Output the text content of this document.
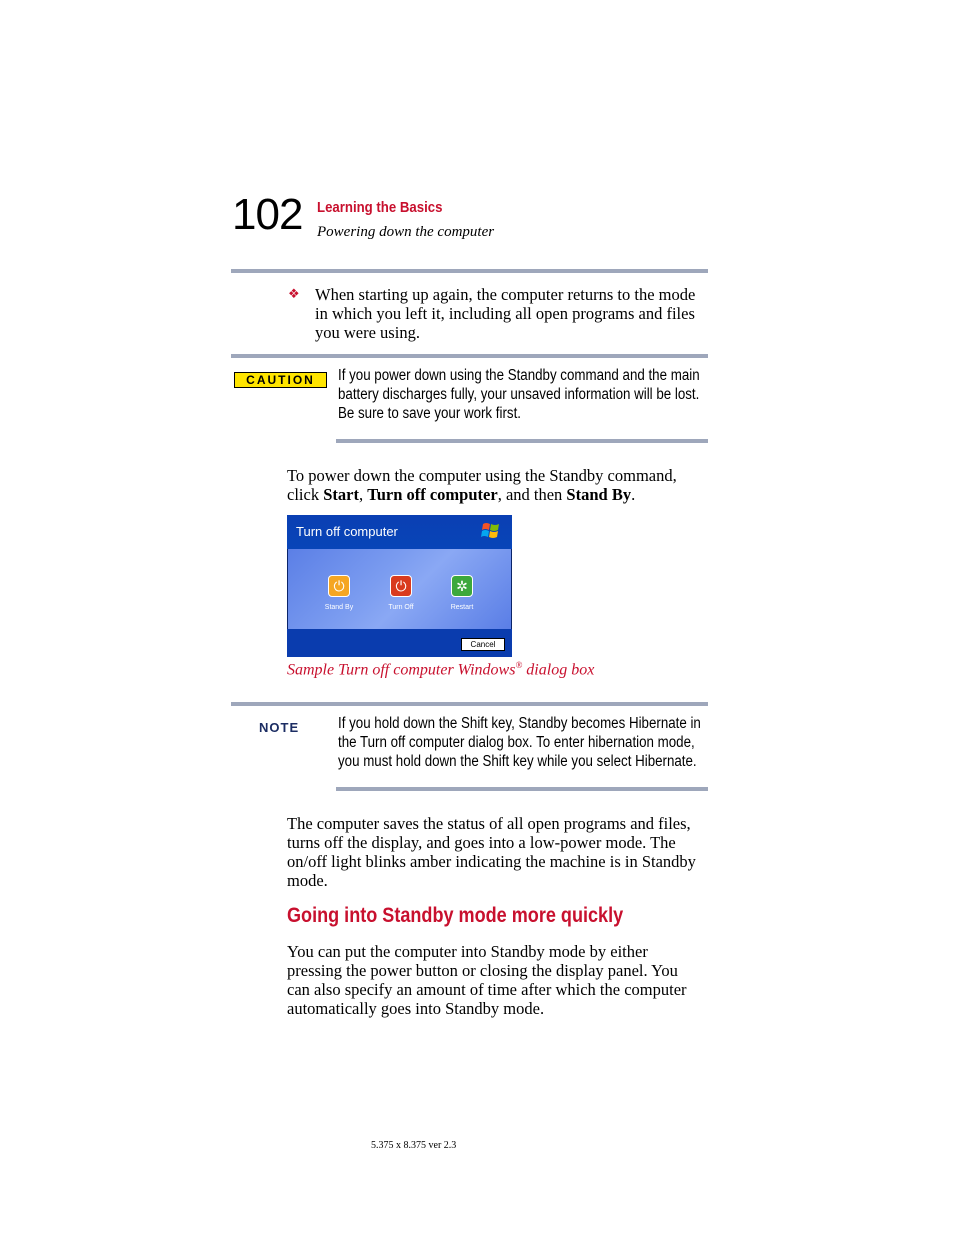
102 Learning the Basics
Powering down the computer
❖ When starting up again, the computer returns to the mode
in which you left it, including all open programs and files
you were using.
CAUTION	If you power down using the Standby command and the main
battery discharges fully, your unsaved information will be lost.
Be sure to save your work first.
To power down the computer using the Standby command,
click Start, Turn off computer, and then Stand By.
Turn off computer
⏻
Stand By
⏻
Turn Off
✲
Restart
Cancel
Sample Turn off computer Windows® dialog box
NOTE	If you hold down the Shift key, Standby becomes Hibernate in
the Turn off computer dialog box. To enter hibernation mode,
you must hold down the Shift key while you select Hibernate.
The computer saves the status of all open programs and files,
turns off the display, and goes into a low-power mode. The
on/off light blinks amber indicating the machine is in Standby
mode.
Going into Standby mode more quickly
You can put the computer into Standby mode by either
pressing the power button or closing the display panel. You
can also specify an amount of time after which the computer
automatically goes into Standby mode.
5.375 x 8.375 ver 2.3
